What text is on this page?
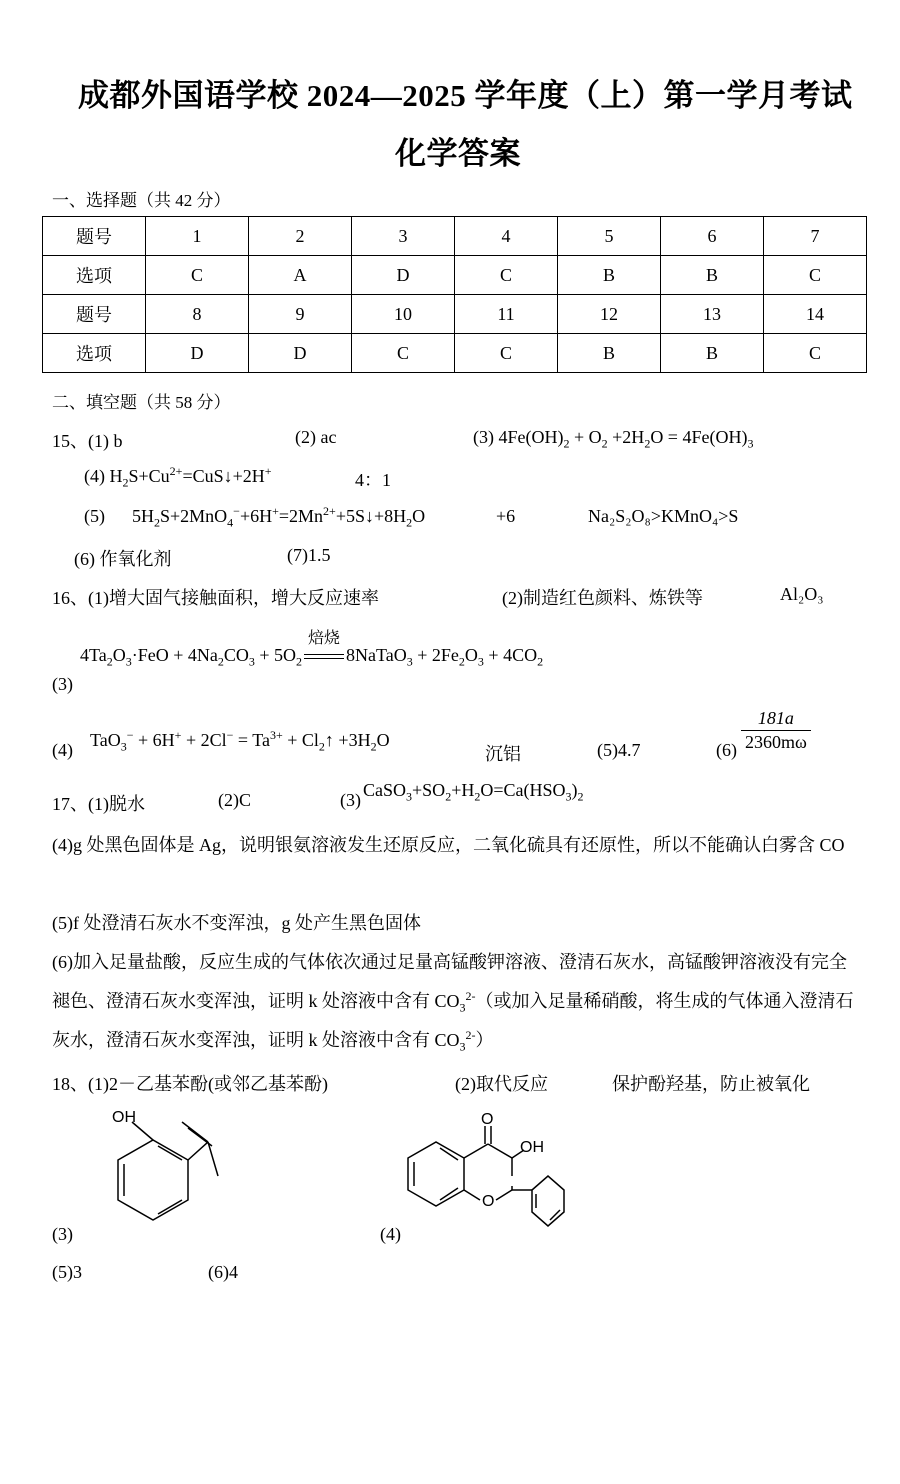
成都外国语学校 2024—2025 学年度（上）第一学月考试
化学答案
一、选择题（共 42 分）
题号	1	2	3	4	5	6	7
选项	C	A	D	C	B	B	C
题号	8	9	10	11	12	13	14
选项	D	D	C	C	B	B	C
二、填空题（共 58 分）
15、(1) b	(2) ac	(3) $4Fe(OH)_2 + O_2 +2H_2O = 4Fe(OH)_3$
(4) $H_2S+Cu^{2+}=CuS↓+2H^+$	4：1
(5) $5H_2S+2MnO_4^-+6H^+=2Mn^{2+}+5S↓+8H_2O$	+6	Na₂S₂O₈>KMnO₄>S
(6) 作氧化剂	(7)1.5
16、(1)增大固气接触面积，增大反应速率	(2)制造红色颜料、炼铁等	Al₂O₃
$4Ta_2O_3\cdot FeO + 4Na_2CO_3 + 5O_2$
焙烧
8NaTaO$_3$ + $2Fe_2O_3 + 4CO_2$
(3)
(4) $TaO_3^- + 6H^+ + 2Cl^- = Ta^{3+}$ + $Cl_2↑ +3H_2O$
沉铝	(5)4.7	$(6) \frac{181a}{2360m\omega}$
17、(1)脱水	(2)C	(3) $CaSO_3+SO_2+H_2O=Ca(HSO_3)_2$

(4)g 处黑色固体是 Ag，说明银氨溶液发生还原反应，二氧化硫具有还原性，所以不能确认白雾含 CO

(5)f 处澄清石灰水不变浑浊，g 处产生黑色固体

(6)加入足量盐酸，反应生成的气体依次通过足量高锰酸钾溶液、澄清石灰水，高锰酸钾溶液没有完全褪色、澄清石灰水变浑浊，证明 k 处溶液中含有 $CO_3^{2-}$（或加入足量稀硝酸，将生成的气体通入澄清石灰水，澄清石灰水变浑浊，证明 k 处溶液中含有 $CO_3^{2-}$）

18、(1)2－乙基苯酚(或邻乙基苯酚)	(2)取代反应	保护酚羟基，防止被氧化
OH
(3)
O
OH
O
(4)
(5)3	(6)4
